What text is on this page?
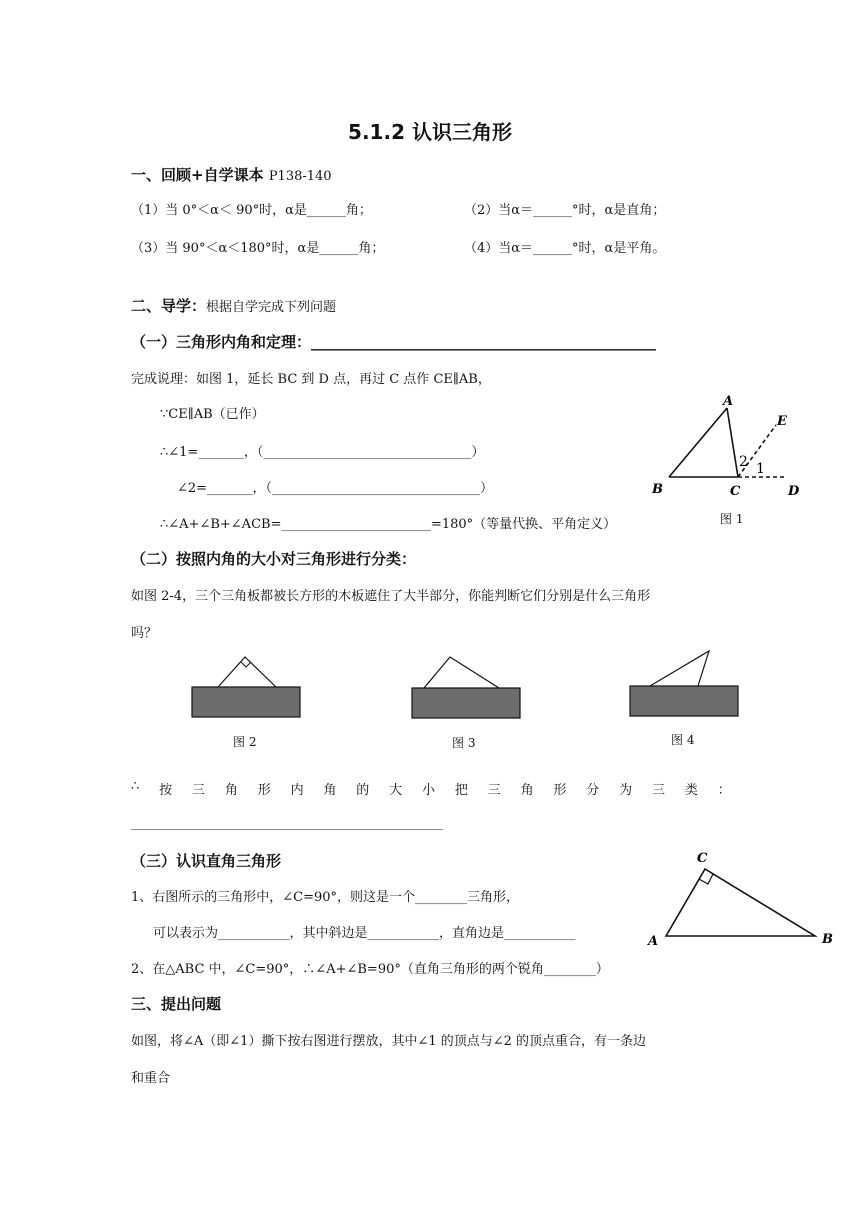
5.1.2 认识三角形
一、回顾+自学课本 P138-140
（1）当 0°＜α＜ 90°时，α是______角；	（2）当α＝______°时，α是直角；
（3）当 90°＜α＜180°时，α是______角；	（4）当α＝______°时，α是平角。
二、导学：根据自学完成下列问题
（一）三角形内角和定理：______________________________________________
完成说理：如图 1，延长 BC 到 D 点，再过 C 点作 CE∥AB，
∵CE∥AB（已作）
∴∠1=_______，（________________________________）
∠2=_______，（________________________________）
∴∠A+∠B+∠ACB=_______________________=180°（等量代换、平角定义）
A
B	C	D
E
2 1
图 1
（二）按照内角的大小对三角形进行分类：
如图 2-4，三个三角板都被长方形的木板遮住了大半部分，你能判断它们分别是什么三角形
吗？
图 2	图 3	图 4
∴ 按 三 角 形 内 角 的 大 小 把 三 角 形 分 为 三 类 ：
________________________________________________
（三）认识直角三角形
1、右图所示的三角形中，∠C=90°，则这是一个________三角形，
可以表示为___________，其中斜边是___________，直角边是___________
2、在△ABC 中，∠C=90°，∴∠A+∠B=90°（直角三角形的两个锐角________）
C
A	B
三、提出问题
如图，将∠A（即∠1）撕下按右图进行摆放，其中∠1 的顶点与∠2 的顶点重合，有一条边
和重合
